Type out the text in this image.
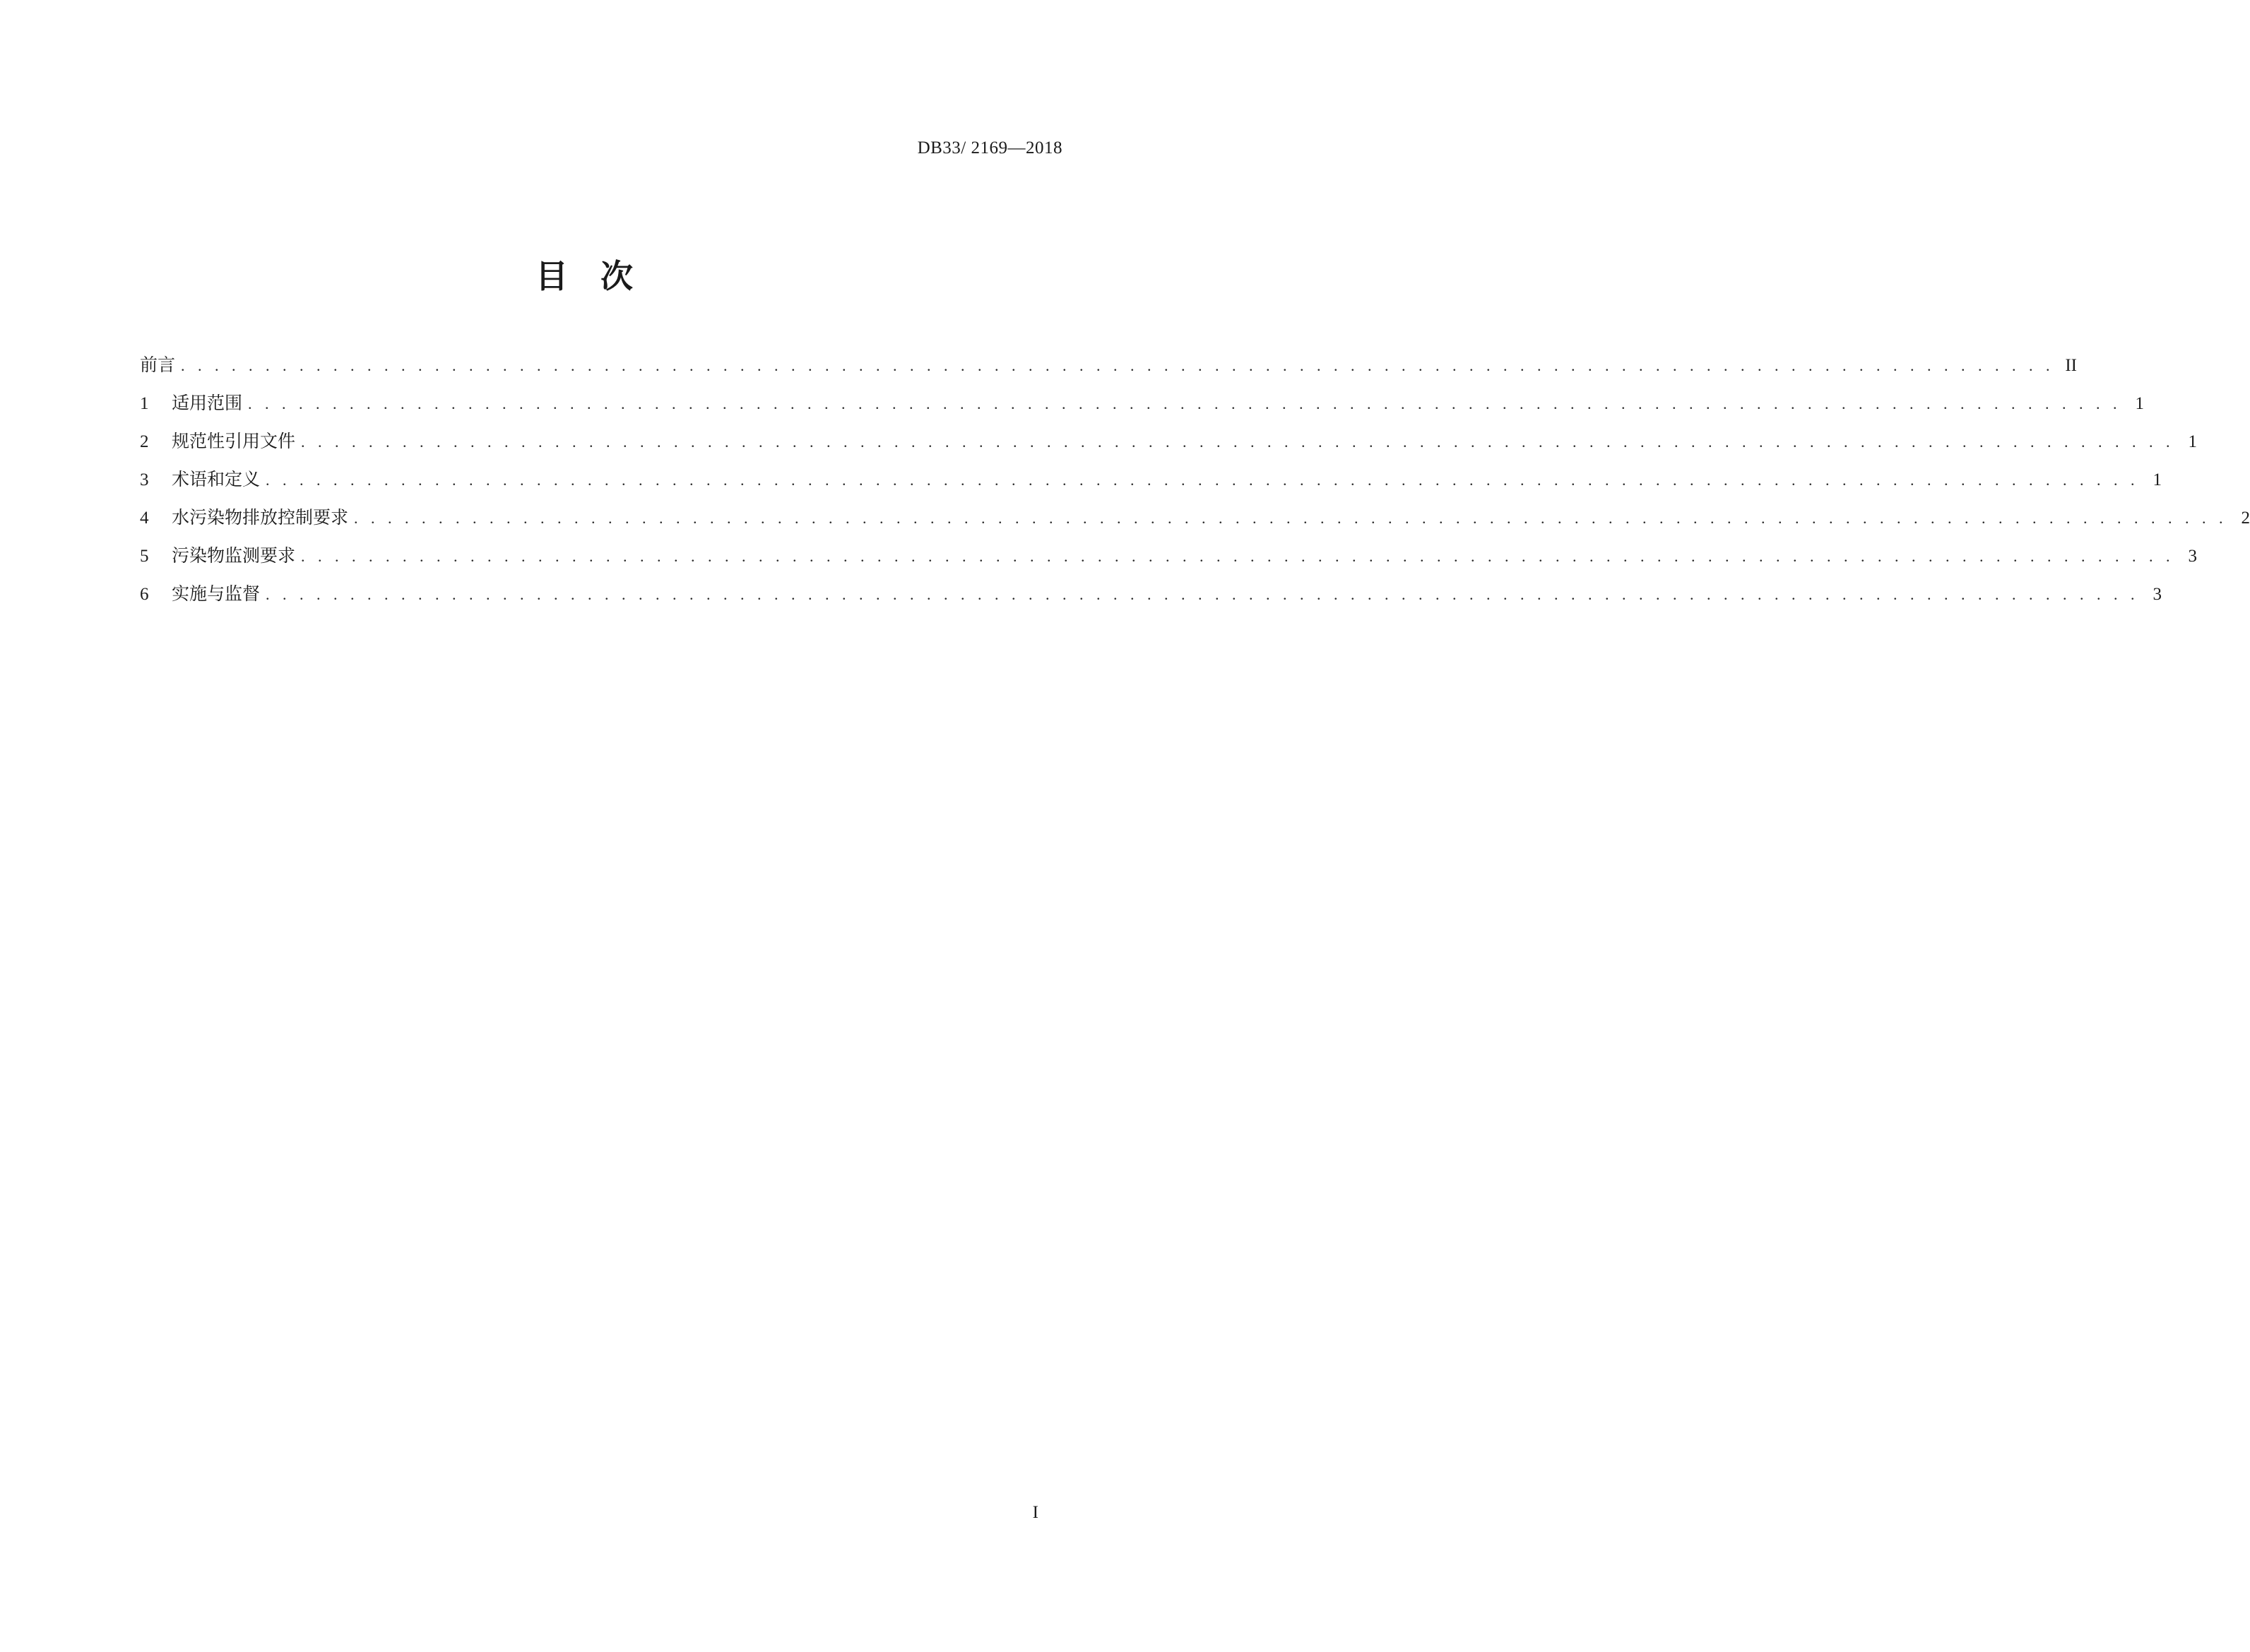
DB33/ 2169—2018
目次
前言 . . . . . . . . . . . . . . . . . . . . . . . . . . . . . . . . . . . . . . . . . . . . . . . . . . . . . . . . . . . . . . . . . . . . . . . . . . . . . . . . . . . . . . . . . . . . . . . . . . . . . . . . . . . . . . . II
1	适用范围 . . . . . . . . . . . . . . . . . . . . . . . . . . . . . . . . . . . . . . . . . . . . . . . . . . . . . . . . . . . . . . . . . . . . . . . . . . . . . . . . . . . . . . . . . . . . . . . . . . . . . . . . . . . . . . . 1
2	规范性引用文件 . . . . . . . . . . . . . . . . . . . . . . . . . . . . . . . . . . . . . . . . . . . . . . . . . . . . . . . . . . . . . . . . . . . . . . . . . . . . . . . . . . . . . . . . . . . . . . . . . . . . . . . . . . . . . . . 1
3	术语和定义 . . . . . . . . . . . . . . . . . . . . . . . . . . . . . . . . . . . . . . . . . . . . . . . . . . . . . . . . . . . . . . . . . . . . . . . . . . . . . . . . . . . . . . . . . . . . . . . . . . . . . . . . . . . . . . . 1
4	水污染物排放控制要求 . . . . . . . . . . . . . . . . . . . . . . . . . . . . . . . . . . . . . . . . . . . . . . . . . . . . . . . . . . . . . . . . . . . . . . . . . . . . . . . . . . . . . . . . . . . . . . . . . . . . . . . . . . . . . . . 2
5	污染物监测要求 . . . . . . . . . . . . . . . . . . . . . . . . . . . . . . . . . . . . . . . . . . . . . . . . . . . . . . . . . . . . . . . . . . . . . . . . . . . . . . . . . . . . . . . . . . . . . . . . . . . . . . . . . . . . . . . 3
6	实施与监督 . . . . . . . . . . . . . . . . . . . . . . . . . . . . . . . . . . . . . . . . . . . . . . . . . . . . . . . . . . . . . . . . . . . . . . . . . . . . . . . . . . . . . . . . . . . . . . . . . . . . . . . . . . . . . . . 3
I
